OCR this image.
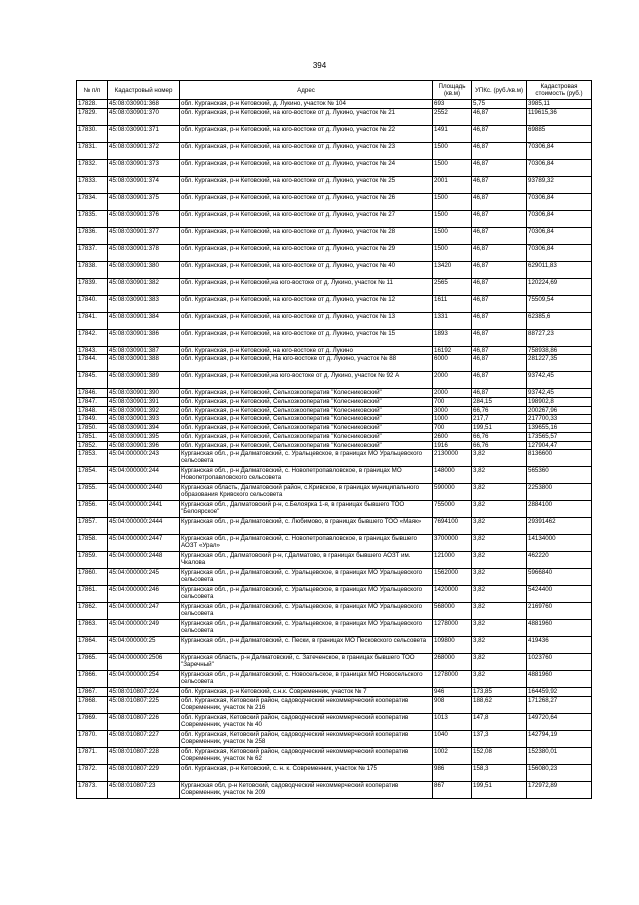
394
№ п/п	Кадастровый номер	Адрес	Площадь (кв.м)	УПКс. (руб./кв.м)	Кадастровая стоимость (руб.)
17828.	45:08:030901:368	обл. Курганская, р-н Кетовский, д. Лукино, участок № 104	693	5,75	3985,11
17829.	45:08:030901:370	обл. Курганская, р-н Кетовский, на юго-востоке от д. Лукино, участок № 21	2552	46,87	119615,36
17830.	45:08:030901:371	обл. Курганская, р-н Кетовский, на юго-востоке от д. Лукино, участок № 22	1491	46,87	69885
17831.	45:08:030901:372	обл. Курганская, р-н Кетовский, на юго-востоке от д. Лукино, участок № 23	1500	46,87	70306,84
17832.	45:08:030901:373	обл. Курганская, р-н Кетовский, на юго-востоке от д. Лукино, участок № 24	1500	46,87	70306,84
17833.	45:08:030901:374	обл. Курганская, р-н Кетовский, на юго-востоке от д. Лукино, участок № 25	2001	46,87	93789,32
17834.	45:08:030901:375	обл. Курганская, р-н Кетовский, на юго-востоке от д. Лукино, участок № 26	1500	46,87	70306,84
17835.	45:08:030901:376	обл. Курганская, р-н Кетовский, на юго-востоке от д. Лукино, участок № 27	1500	46,87	70306,84
17836.	45:08:030901:377	обл. Курганская, р-н Кетовский, на юго-востоке от д. Лукино, участок № 28	1500	46,87	70306,84
17837.	45:08:030901:378	обл. Курганская, р-н Кетовский, на юго-востоке от д. Лукино, участок № 29	1500	46,87	70306,84
17838.	45:08:030901:380	обл. Курганская, р-н Кетовский, на юго-востоке от д. Лукино, участок № 40	13420	46,87	629011,83
17839.	45:08:030901:382	обл. Курганская, р-н Кетовский,на юго-востоке от д. Лукино, участок № 11	2565	46,87	120224,69
17840.	45:08:030901:383	обл. Курганская, р-н Кетовский, на юго-востоке от д. Лукино, участок № 12	1611	46,87	75509,54
17841.	45:08:030901:384	обл. Курганская, р-н Кетовский, на юго-востоке от д. Лукино, участок № 13	1331	46,87	62385,6
17842.	45:08:030901:386	обл. Курганская, р-н Кетовский, на юго-востоке от д. Лукино, участок № 15	1893	46,87	88727,23
17843.	45:08:030901:387	обл. Курганская, р-н Кетовский, на юго-востоке от д. Лукино	16192	46,87	758938,86
17844.	45:08:030901:388	обл. Курганская, р-н Кетовский, На юго-востоке от д. Лукино, участок № 88	6000	46,87	281227,35
17845.	45:08:030901:389	обл. Курганская, р-н Кетовский,на юго-востоке от д. Лукино, участок № 92 А	2000	46,87	93742,45
17846.	45:08:030901:390	обл. Курганская, р-н Кетовский, Сельхозкооператив "Колесниковский"	2000	46,87	93742,45
17847.	45:08:030901:391	обл. Курганская, р-н Кетовский, Сельхозкооператив "Колесниковский"	700	284,15	198902,8
17848.	45:08:030901:392	обл. Курганская, р-н Кетовский, Сельхозкооператив "Колесниковский"	3000	66,76	200267,96
17849.	45:08:030901:393	обл. Курганская, р-н Кетовский, Сельхозкооператив "Колесниковский"	1000	217,7	217700,33
17850.	45:08:030901:394	обл. Курганская, р-н Кетовский, Сельхозкооператив "Колесниковский"	700	199,51	139655,16
17851.	45:08:030901:395	обл. Курганская, р-н Кетовский, Сельхозкооператив "Колесниковский"	2600	66,76	173565,57
17852.	45:08:030901:396	обл. Курганская, р-н Кетовский, Сельхозкооператив "Колесниковский"	1916	66,76	127904,47
17853.	45:04:000000:243	Курганская обл., р-н Далматовский, с. Уральцевское, в границах МО Уральцевского сельсовета	2130000	3,82	8136600
17854.	45:04:000000:244	Курганская обл., р-н Далматовский, с. Новопетропавловское, в границах МО Новопетропавловского сельсовета	148000	3,82	565360
17855.	45:04:000000:2440	Курганская область, Далматовский район, с.Кривское, в границах муниципального образования Кривского сельсовета	590000	3,82	2253800
17856.	45:04:000000:2441	Курганская обл., Далматовский р-н, с.Белоярка 1-я, в границах бывшего ТОО "Белоярское"	755000	3,82	2884100
17857.	45:04:000000:2444	Курганская обл., р-н Далматовский, с. Любимово, в границах бывшего ТОО «Маяк»	7694100	3,82	29391462
17858.	45:04:000000:2447	Курганская обл., р-н Далматовский, с. Новопетропавловское, в границах бывшего АОЗТ «Урал»	3700000	3,82	14134000
17859.	45:04:000000:2448	Курганская обл., Далматовский р-н, г.Далматово, в границах бывшего АОЗТ им. Чкалова	121000	3,82	462220
17860.	45:04:000000:245	Курганская обл., р-н Далматовский, с. Уральцевское, в границах МО Уральцевского сельсовета	1562000	3,82	5966840
17861.	45:04:000000:246	Курганская обл., р-н Далматовский, с. Уральцевское, в границах МО Уральцевского сельсовета	1420000	3,82	5424400
17862.	45:04:000000:247	Курганская обл., р-н Далматовский, с. Уральцевское, в границах МО Уральцевского сельсовета	568000	3,82	2169760
17863.	45:04:000000:249	Курганская обл., р-н Далматовский, с. Уральцевское, в границах МО Уральцевского сельсовета	1278000	3,82	4881960
17864.	45:04:000000:25	Курганская обл., р-н Далматовский, с. Пески, в границах МО Песковского сельсовета	109800	3,82	419436
17865.	45:04:000000:2506	Курганская область, р-н Далматовский, с. Затеченское, в границах бывшего ТОО "Заречный"	268000	3,82	1023760
17866.	45:04:000000:254	Курганская обл., р-н Далматовский, с. Новосельское, в границах МО Новосельского сельсовета	1278000	3,82	4881960
17867.	45:08:010807:224	обл. Курганская, р-н Кетовский, с.н.к. Современник, участок № 7	946	173,85	164459,92
17868.	45:08:010807:225	обл. Курганская, Кетовский район, садоводческий некоммерческий кооператив Современник, участок № 216	908	188,62	171268,27
17869.	45:08:010807:226	обл. Курганская, Кетовский район, садоводческий некоммерческий кооператив Современник, участок № 40	1013	147,8	149720,64
17870.	45:08:010807:227	обл. Курганская, Кетовский район, садоводческий некоммерческий кооператив Современник, участок № 258	1040	137,3	142794,19
17871.	45:08:010807:228	обл. Курганская, Кетовский район, садоводческий некоммерческий кооператив Современник, участок № 62	1002	152,08	152380,01
17872.	45:08:010807:229	обл. Курганская, р-н Кетовский, с. н. к. Современник, участок № 175	986	158,3	156080,23
17873.	45:08:010807:23	Курганская обл, р-н Кетовский, садоводческий некоммерческий кооператив Современник, участок № 209	867	199,51	172972,89
